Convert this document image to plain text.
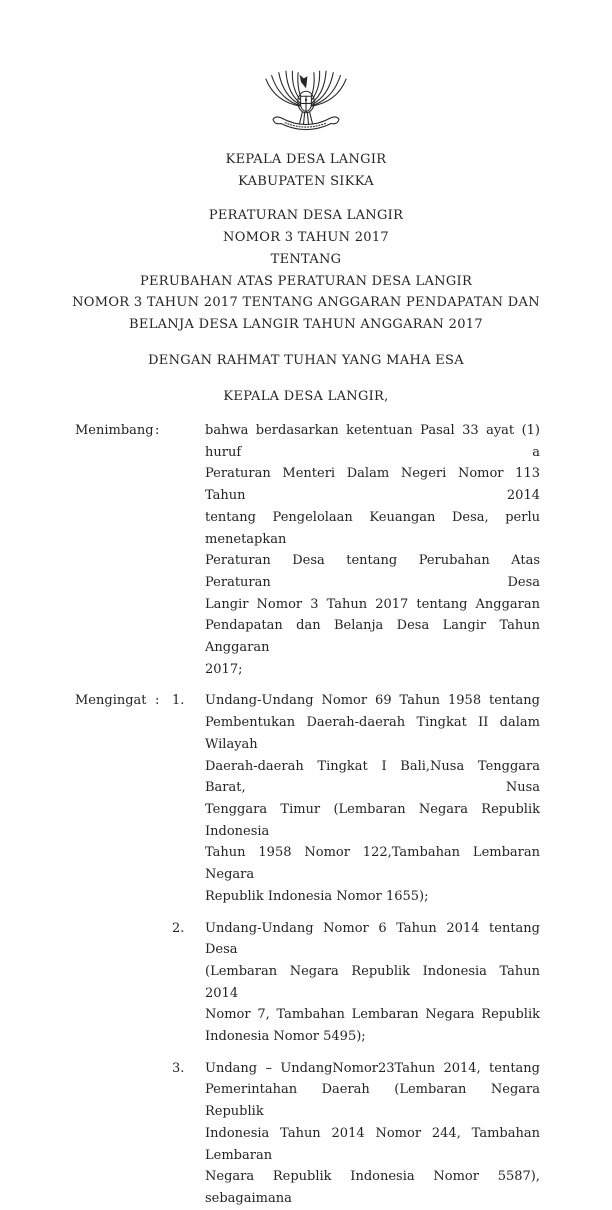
KEPALA DESA LANGIR
KABUPATEN SIKKA
PERATURAN DESA LANGIR
NOMOR 3 TAHUN 2017
TENTANG
PERUBAHAN ATAS PERATURAN DESA LANGIR
NOMOR 3 TAHUN 2017 TENTANG ANGGARAN PENDAPATAN DAN
BELANJA DESA LANGIR TAHUN ANGGARAN 2017
DENGAN RAHMAT TUHAN YANG MAHA ESA
KEPALA DESA LANGIR,
Menimbang :	bahwa berdasarkan ketentuan Pasal 33 ayat (1) huruf a
Peraturan Menteri Dalam Negeri Nomor 113 Tahun 2014
tentang Pengelolaan Keuangan Desa, perlu menetapkan
Peraturan Desa tentang Perubahan Atas Peraturan Desa
Langir Nomor 3 Tahun 2017 tentang Anggaran
Pendapatan dan Belanja Desa Langir Tahun Anggaran
2017;
Mengingat : 1.	Undang-Undang Nomor 69 Tahun 1958 tentang
Pembentukan Daerah-daerah Tingkat II dalam Wilayah
Daerah-daerah Tingkat I Bali,Nusa Tenggara Barat, Nusa
Tenggara Timur (Lembaran Negara Republik Indonesia
Tahun 1958 Nomor 122,Tambahan Lembaran Negara
Republik Indonesia Nomor 1655);
2.	Undang-Undang Nomor 6 Tahun 2014 tentang Desa
(Lembaran Negara Republik Indonesia Tahun 2014
Nomor 7, Tambahan Lembaran Negara Republik
Indonesia Nomor 5495);
3.	Undang – UndangNomor23Tahun 2014, tentang
Pemerintahan Daerah (Lembaran Negara Republik
Indonesia Tahun 2014 Nomor 244, Tambahan Lembaran
Negara Republik Indonesia Nomor 5587), sebagaimana
